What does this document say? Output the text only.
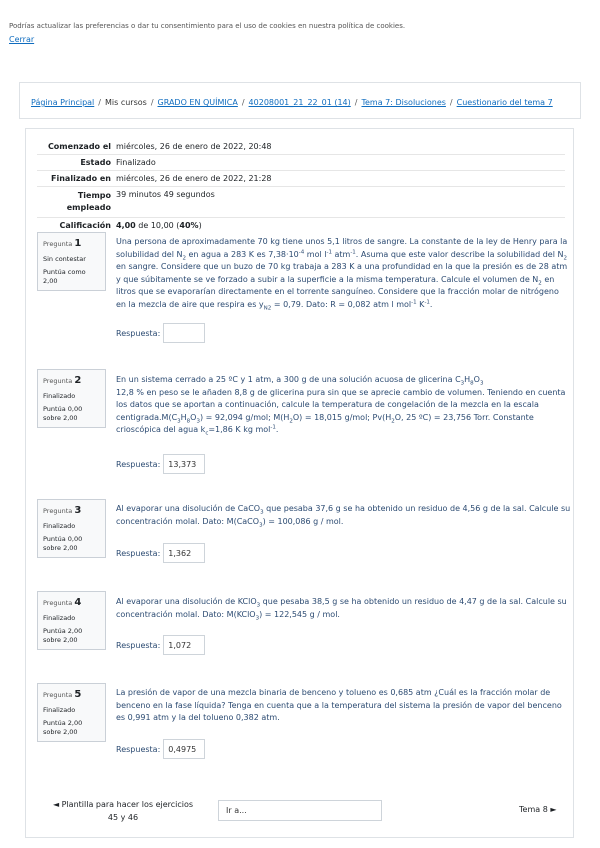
Podrías actualizar las preferencias o dar tu consentimiento para el uso de cookies en nuestra política de cookies.
Cerrar
Página Principal / Mis cursos / GRADO EN QUÍMICA / 40208001_21_22_01 (14) / Tema 7: Disoluciones / Cuestionario del tema 7
Comenzado el miércoles, 26 de enero de 2022, 20:48
Estado Finalizado
Finalizado en miércoles, 26 de enero de 2022, 21:28
Tiempo empleado
39 minutos 49 segundos
Calificación 4,00 de 10,00 (40%)
Pregunta 1
Sin contestar
Puntúa como 2,00
Una persona de aproximadamente 70 kg tiene unos 5,1 litros de sangre. La constante de la ley de Henry para la solubilidad del $N_2$ en agua a 283 K es $7,38\cdot 10^{-4}$ mol $l^{-1}$ atm$^{-1}$. Asuma que este valor describe la solubilidad del $N_2$ en sangre. Considere que un buzo de 70 kg trabaja a 283 K a una profundidad en la que la presión es de 28 atm y que súbitamente se ve forzado a subir a la superficie a la misma temperatura. Calcule el volumen de $N_2$ en litros que se evaporarían directamente en el torrente sanguíneo. Considere que la fracción molar de nitrógeno en la mezcla de aire que respira es $y_{N2} = 0,79$. Dato: R = 0,082 atm l mol$^{-1}$ $K^{-1}$.
Respuesta:
Pregunta 2
Finalizado
Puntúa 0,00 sobre 2,00
En un sistema cerrado a 25 ºC y 1 atm, a 300 g de una solución acuosa de glicerina $C_3H_8O_3$
12,8 % en peso se le añaden 8,8 g de glicerina pura sin que se aprecie cambio de volumen. Teniendo en cuenta los datos que se aportan a continuación, calcule la temperatura de congelación de la mezcla en la escala $centigrada.M(C_3H_8O_3) = 92,094$ g/mol; $M(H_2O) = 18,015$ g/mol; $Pv(H_2O$, 25 ºC) = 23,756 Torr. Constante crioscópica del agua $k_c=1,86$ K kg mol$^{-1}$.
Respuesta:	13,373
Pregunta 3
Finalizado
Puntúa 0,00 sobre 2,00
Al evaporar una disolución de CaCO$_3$ que pesaba 37,6 g se ha obtenido un residuo de 4,56 g de la sal. Calcule su concentración molal. Dato: M(CaCO$_3$) = 100,086 g / mol.
Respuesta:	1,362
Pregunta 4
Finalizado
Puntúa 2,00 sobre 2,00
Al evaporar una disolución de KClO$_3$ que pesaba 38,5 g se ha obtenido un residuo de 4,47 g de la sal. Calcule su concentración molal. Dato: M(KClO$_3$) = 122,545 g / mol.
Respuesta:	1,072
Pregunta 5
Finalizado
Puntúa 2,00 sobre 2,00
La presión de vapor de una mezcla binaria de benceno y tolueno es 0,685 atm ¿Cuál es la fracción molar de benceno en la fase líquida? Tenga en cuenta que a la temperatura del sistema la presión de vapor del benceno es 0,991 atm y la del tolueno 0,382 atm.
Respuesta:	0,4975
◄ Plantilla para hacer los ejercicios 45 y 46
Ir a...	Tema 8 ►
